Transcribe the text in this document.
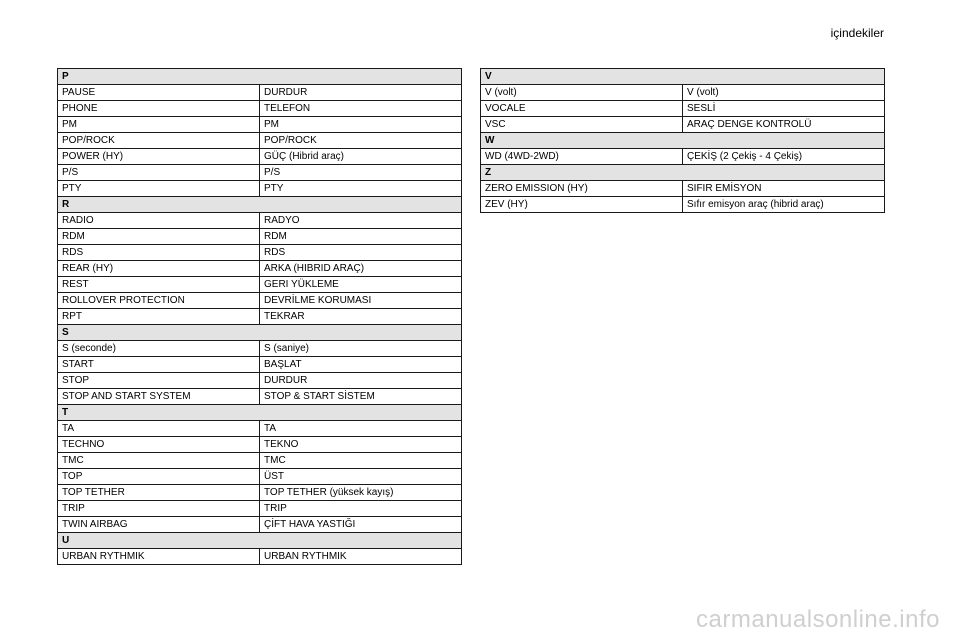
içindekiler
P	
PAUSE	DURDUR
PHONE	TELEFON
PM	PM
POP/ROCK	POP/ROCK
POWER (HY)	GÜÇ (Hibrid araç)
P/S	P/S
PTY	PTY
R	
RADIO	RADYO
RDM	RDM
RDS	RDS
REAR (HY)	ARKA (HIBRID ARAÇ)
REST	GERI YÜKLEME
ROLLOVER PROTECTION	DEVRİLME KORUMASI
RPT	TEKRAR
S	
S (seconde)	S (saniye)
START	BAŞLAT
STOP	DURDUR
STOP AND START SYSTEM	STOP & START SİSTEM
T	
TA	TA
TECHNO	TEKNO
TMC	TMC
TOP	ÜST
TOP TETHER	TOP TETHER (yüksek kayış)
TRIP	TRIP
TWIN AIRBAG	ÇİFT HAVA YASTIĞI
U	
URBAN RYTHMIK	URBAN RYTHMIK
V	
V (volt)	V (volt)
VOCALE	SESLİ
VSC	ARAÇ DENGE KONTROLÜ
W	
WD (4WD-2WD)	ÇEKİŞ (2 Çekiş - 4 Çekiş)
Z	
ZERO EMISSION (HY)	SIFIR EMİSYON
ZEV (HY)	Sıfır emisyon araç (hibrid araç)
carmanualsonline.info
